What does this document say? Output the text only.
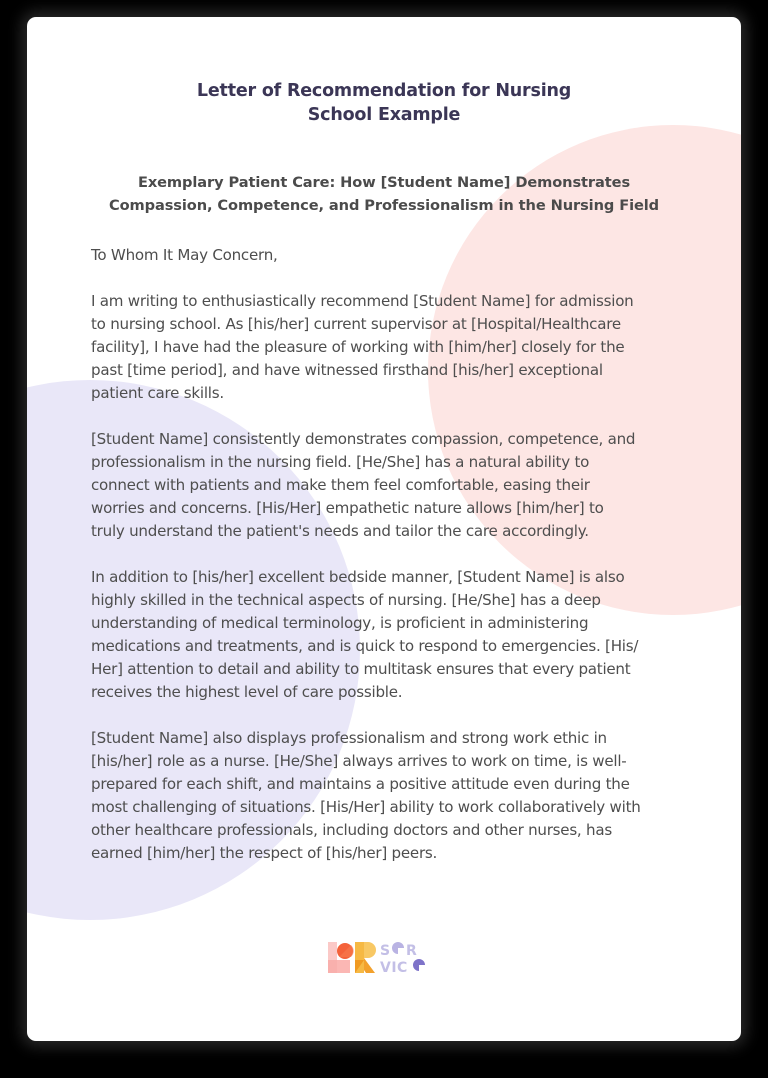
Letter of Recommendation for Nursing
School Example
Exemplary Patient Care: How [Student Name] Demonstrates
Compassion, Competence, and Professionalism in the Nursing Field

To Whom It May Concern,

I am writing to enthusiastically recommend [Student Name] for admission
to nursing school. As [his/her] current supervisor at [Hospital/Healthcare
facility], I have had the pleasure of working with [him/her] closely for the
past [time period], and have witnessed firsthand [his/her] exceptional
patient care skills.

[Student Name] consistently demonstrates compassion, competence, and
professionalism in the nursing field. [He/She] has a natural ability to
connect with patients and make them feel comfortable, easing their
worries and concerns. [His/Her] empathetic nature allows [him/her] to
truly understand the patient's needs and tailor the care accordingly.

In addition to [his/her] excellent bedside manner, [Student Name] is also
highly skilled in the technical aspects of nursing. [He/She] has a deep
understanding of medical terminology, is proficient in administering
medications and treatments, and is quick to respond to emergencies. [His/
Her] attention to detail and ability to multitask ensures that every patient
receives the highest level of care possible.

[Student Name] also displays professionalism and strong work ethic in
[his/her] role as a nurse. [He/She] always arrives to work on time, is well-
prepared for each shift, and maintains a positive attitude even during the
most challenging of situations. [His/Her] ability to work collaboratively with
other healthcare professionals, including doctors and other nurses, has
earned [him/her] the respect of [his/her] peers.

S R
VIC
